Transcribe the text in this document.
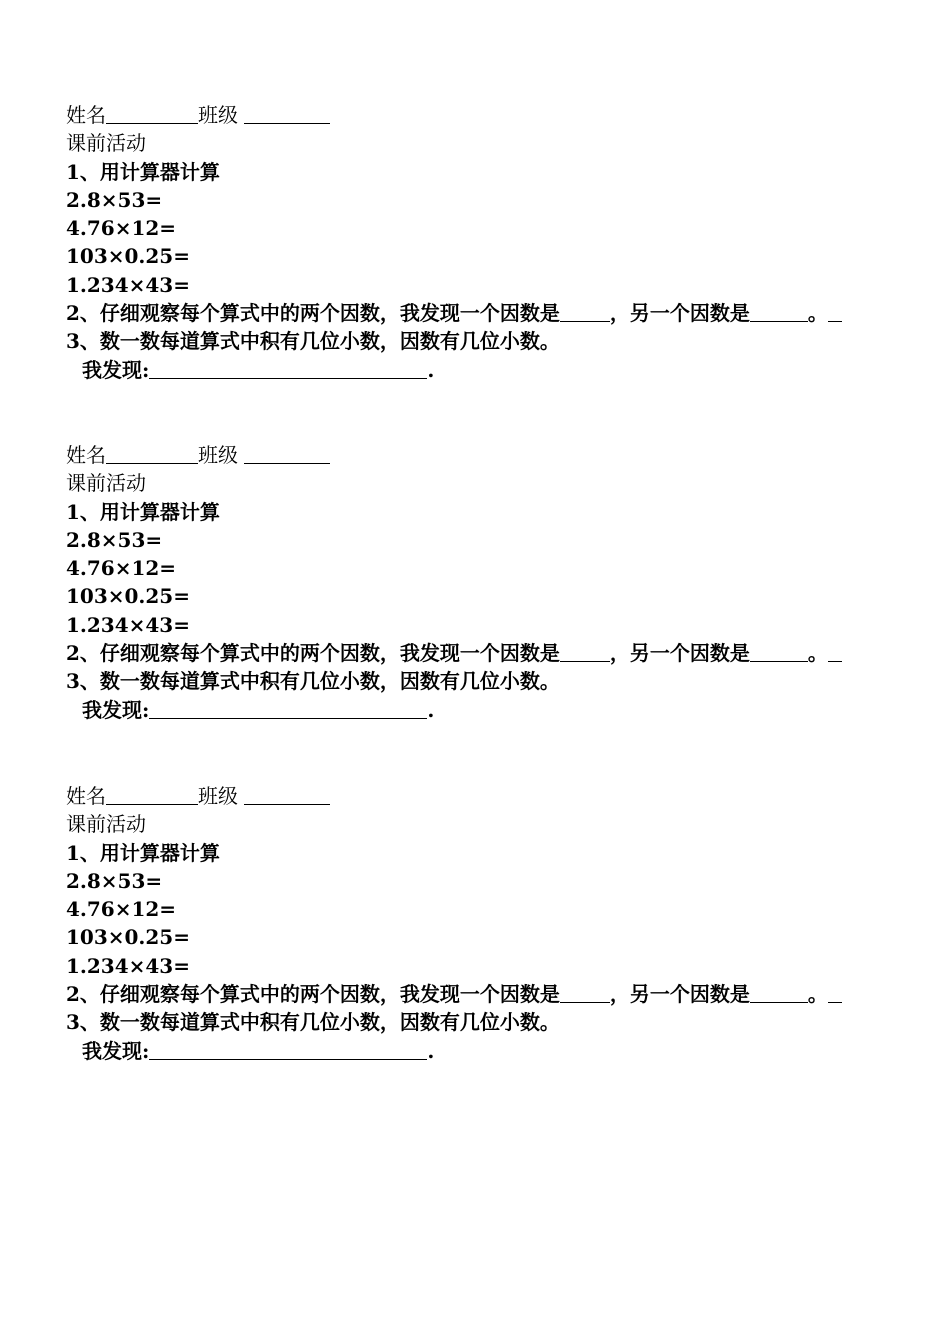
姓名	班级
课前活动
1、用计算器计算
2.8×53=
4.76×12=
103×0.25=
1.234×43=
2、仔细观察每个算式中的两个因数，我发现一个因数是	，另一个因数是	。
3、数一数每道算式中积有几位小数，因数有几位小数。
我发现:	.
姓名	班级
课前活动
1、用计算器计算
2.8×53=
4.76×12=
103×0.25=
1.234×43=
2、仔细观察每个算式中的两个因数，我发现一个因数是	，另一个因数是	。
3、数一数每道算式中积有几位小数，因数有几位小数。
我发现:	.
姓名	班级
课前活动
1、用计算器计算
2.8×53=
4.76×12=
103×0.25=
1.234×43=
2、仔细观察每个算式中的两个因数，我发现一个因数是	，另一个因数是	。
3、数一数每道算式中积有几位小数，因数有几位小数。
我发现:	.
